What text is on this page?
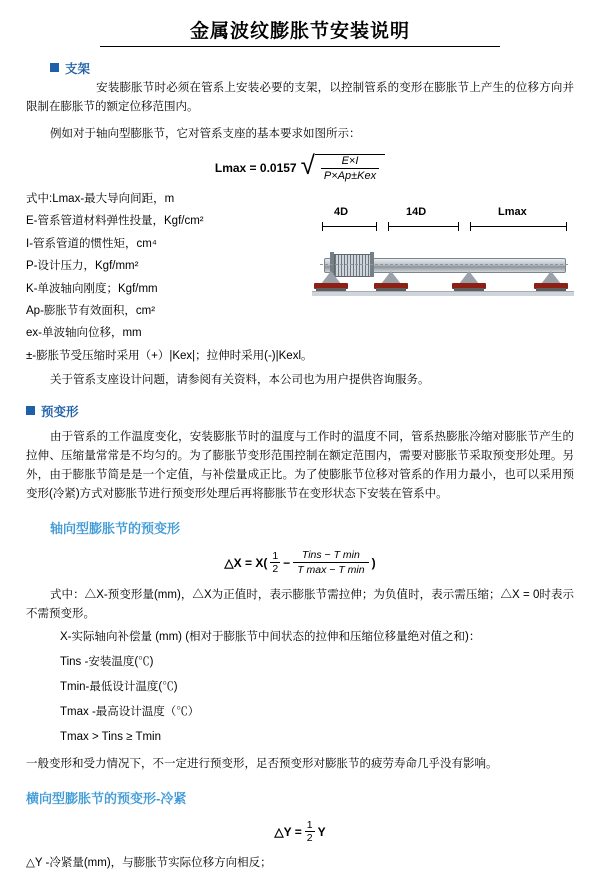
金属波纹膨胀节安装说明
支架

安装膨胀节时必须在管系上安装必要的支架，以控制管系的变形在膨胀节上产生的位移方向并限制在膨胀节的额定位移范围内。

例如对于轴向型膨胀节，它对管系支座的基本要求如图所示：

Lmax = 0.0157 √ $\frac{E\times I}{\text{P×Ap±Kex}}$
式中:Lmax-最大导向间距，m
E-管系管道材料弹性投量，Kgf/cm²
I-管系管道的惯性矩，cm⁴
P-设计压力，Kgf/mm²
K-单波轴向刚度；Kgf/mm
Ap-膨胀节有效面积，cm²
ex-单波轴向位移，mm
±-膨胀节受压缩时采用（+）|Kex|；拉伸时采用(-)|Kexl。
4D	14D	Lmax

关于管系支座设计问题，请参阅有关资料，本公司也为用户提供咨询服务。

预变形

由于管系的工作温度变化，安装膨胀节时的温度与工作时的温度不同，管系热膨胀冷缩对膨胀节产生的拉伸、压缩量常常是不均匀的。为了膨胀节变形范围控制在额定范围内，需要对膨胀节采取预变形处理。另外，由于膨胀节简是是一个定值，与补偿量成正比。为了使膨胀节位移对管系的作用力最小，也可以采用预变形(冷紧)方式对膨胀节进行预变形处理后再将膨胀节在变形状态下安装在管系中。

轴向型膨胀节的预变形
△X = $X( \frac{1}{2}$ −
Tins − T min
T max − T min
)

式中：△X-预变形量(mm)，△X为正值时，表示膨胀节需拉伸；为负值时，表示需压缩；△X = 0时表示不需预变形。

X-实际轴向补偿量 (mm) (相对于膨胀节中间状态的拉伸和压缩位移量绝对值之和)：
Tins -安装温度(℃)
Tmin-最低设计温度(℃)
Tmax -最高设计温度（℃）
Tmax > Tins ≥ Tmin

一般变形和受力情况下，不一定进行预变形，足否预变形对膨胀节的疲劳寿命几乎没有影响。

横向型膨胀节的预变形-冷紧
△Y = $\frac{1}{2}$ Y

△Y -冷紧量(mm)，与膨胀节实际位移方向相反；
